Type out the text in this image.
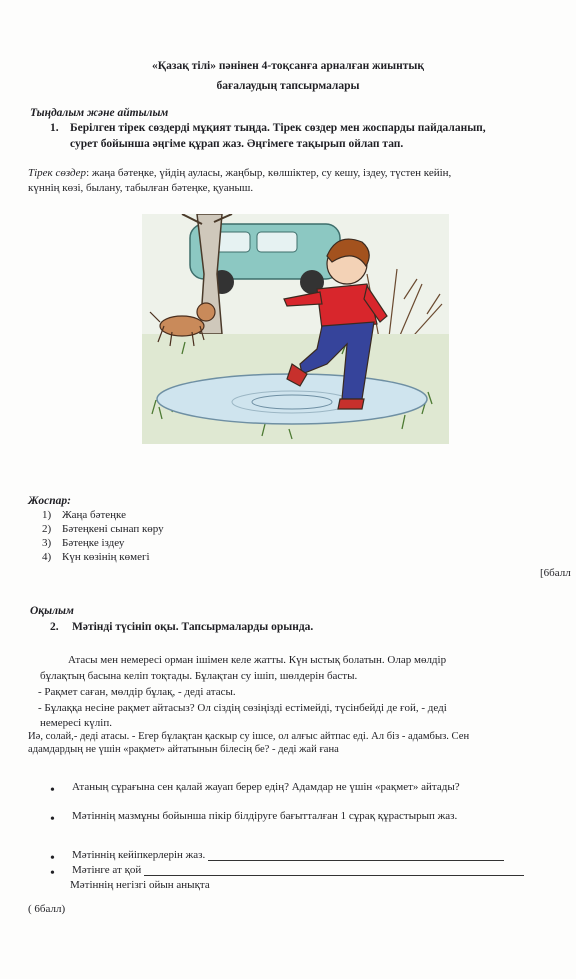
«Қазақ тілі» пәнінен 4-тоқсанға арналған жиынтық
бағалаудың тапсырмалары
Тыңдалым және айтылым
1. Берілген тірек сөздерді мұқият тыңда. Тірек сөздер мен жоспарды пайдаланып,
сурет бойынша әңгіме құрап жаз. Әңгімеге тақырып ойлап тап.
Тірек сөздер: жаңа бәтеңке, үйдің ауласы, жаңбыр, көлшіктер, су кешу, іздеу, түстен кейін,
күннің көзі, былану, табылған бәтеңке, қуаныш.
Жоспар:
1) Жаңа бәтеңке
2) Бәтеңкені сынап көру
3) Бәтеңке іздеу
4) Күн көзінің көмегі
[6балл
Оқылым
2. Мәтінді түсініп оқы. Тапсырмаларды орында.
Атасы мен немересі орман ішімен келе жатты. Күн ыстық болатын. Олар мөлдір
бұлақтың басына келіп тоқтады. Бұлақтан су ішіп, шөлдерін басты.
- Рақмет саған, мөлдір бұлақ, - деді атасы.
- Бұлаққа несіне рақмет айтасыз? Ол сіздің сөзіңізді естімейді, түсінбейді де ғой, - деді
немересі күліп.
Иә, солай,- деді атасы. - Егер бұлақтан қаскыр су ішсе, ол алғыс айтпас еді. Ал біз - адамбыз. Сен
адамдардың не үшін «рақмет» айтатынын білесің бе? - деді жай ғана
• Атаның сұрағына сен қалай жауап берер едің? Адамдар не үшін «рақмет» айтады?
• Мәтіннің мазмұны бойынша пікір білдіруге бағытталған 1 сұрақ құрастырып жаз.
• Мәтіннің кейіпкерлерін жаз.
• Мәтінге ат қой
Мәтіннің негізгі ойын анықта
( 6балл)
